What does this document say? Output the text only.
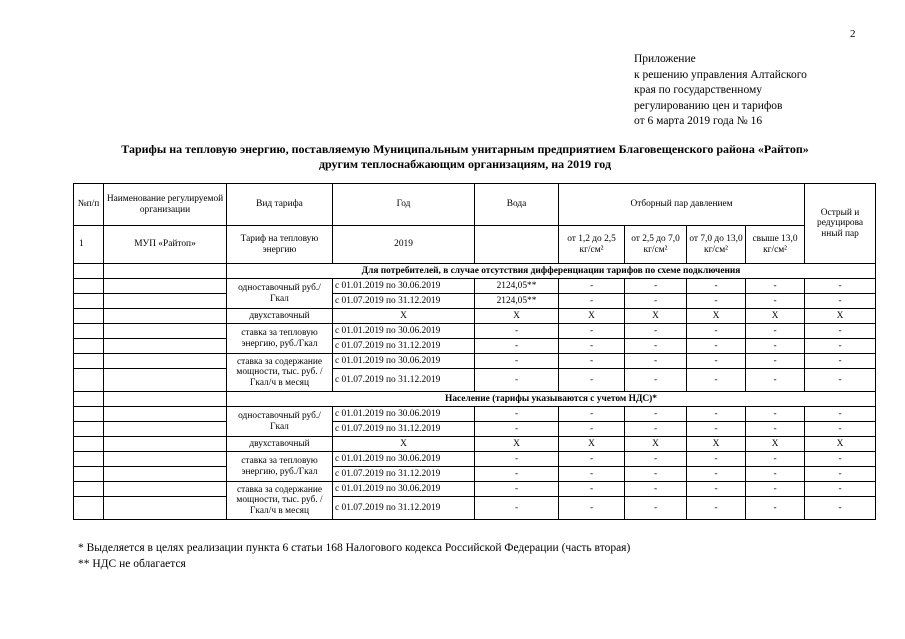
2
Приложение
к решению управления Алтайского
края по государственному
регулированию цен и тарифов
от 6 марта 2019 года № 16
Тарифы на тепловую энергию, поставляемую Муниципальным унитарным предприятием Благовещенского района «Райтоп»
другим теплоснабжающим организациям, на 2019 год
№п/п	Наименование регулируемой организации	Вид тарифа	Год	Вода	Отборный пар давлением				Острый и редуцирова нный пар
1	МУП «Райтоп»	Тариф на тепловую энергию	2019		от 1,2 до 2,5 кг/см²	от 2,5 до 7,0 кг/см²	от 7,0 до 13,0 кг/см²	свыше 13,0 кг/см²	
		Для потребителей, в случае отсутствия дифференциации тарифов по схеме подключения							
		одноставочный руб./Гкал	с 01.01.2019 по 30.06.2019	2124,05**	-	-	-	-	-
			с 01.07.2019 по 31.12.2019	2124,05**	-	-	-	-	-
		двухставочный	X	X	X	X	X	X	X
		ставка за тепловую энергию, руб./Гкал	с 01.01.2019 по 30.06.2019	-	-	-	-	-	-
			с 01.07.2019 по 31.12.2019	-	-	-	-	-	-
		ставка за содержание мощности, тыс. руб. /Гкал/ч в месяц	с 01.01.2019 по 30.06.2019	-	-	-	-	-	-
			с 01.07.2019 по 31.12.2019	-	-	-	-	-	-
		Население (тарифы указываются с учетом НДС)*							
		одноставочный руб./Гкал	с 01.01.2019 по 30.06.2019	-	-	-	-	-	-
			с 01.07.2019 по 31.12.2019	-	-	-	-	-	-
		двухставочный	X	X	X	X	X	X	X
		ставка за тепловую энергию, руб./Гкал	с 01.01.2019 по 30.06.2019	-	-	-	-	-	-
			с 01.07.2019 по 31.12.2019	-	-	-	-	-	-
		ставка за содержание мощности, тыс. руб. /Гкал/ч в месяц	с 01.01.2019 по 30.06.2019	-	-	-	-	-	-
			с 01.07.2019 по 31.12.2019	-	-	-	-	-	-
* Выделяется в целях реализации пункта 6 статьи 168 Налогового кодекса Российской Федерации (часть вторая)
** НДС не облагается
